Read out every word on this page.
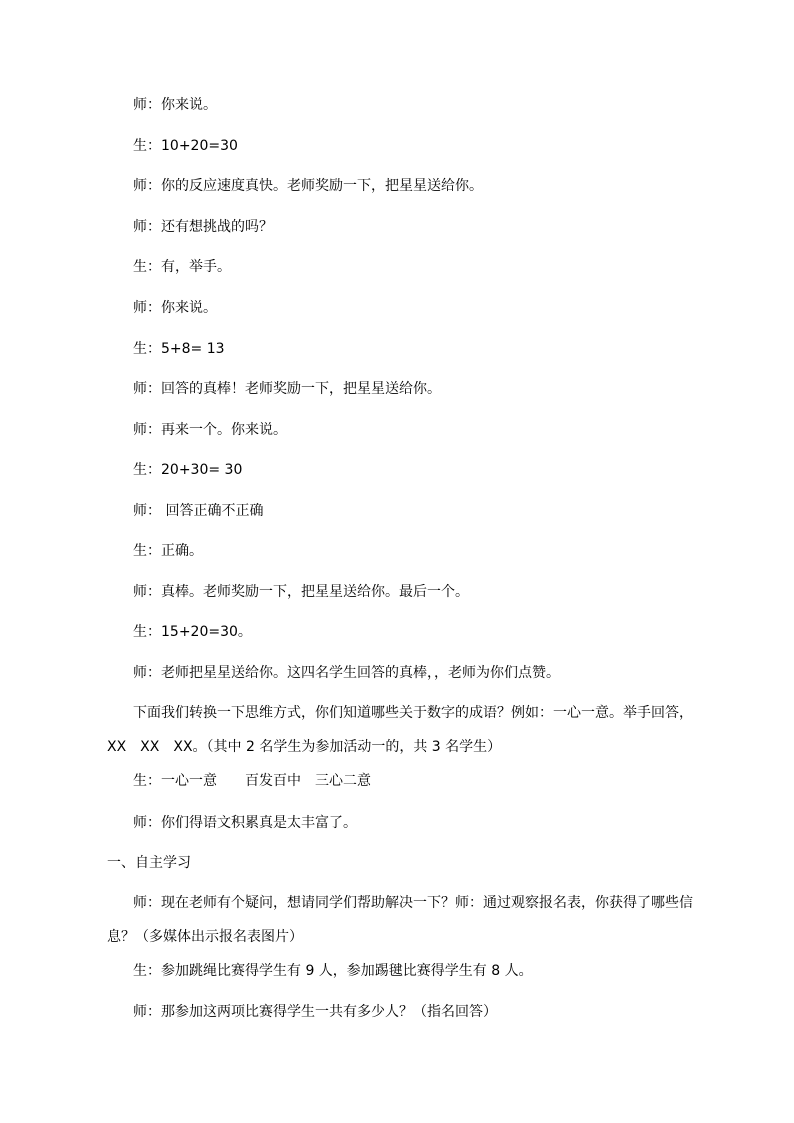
师：你来说。

生：10+20=30

师：你的反应速度真快。老师奖励一下，把星星送给你。

师：还有想挑战的吗？

生：有，举手。

师：你来说。

生：5+8= 13

师：回答的真棒！老师奖励一下，把星星送给你。

师：再来一个。你来说。

生：20+30= 30

师： 回答正确不正确

生：正确。

师：真棒。老师奖励一下，把星星送给你。最后一个。

生：15+20=30。

师：老师把星星送给你。这四名学生回答的真棒，，老师为你们点赞。

下面我们转换一下思维方式，你们知道哪些关于数字的成语？例如：一心一意。举手回答，XX　XX　XX。（其中 2 名学生为参加活动一的，共 3 名学生）

生：一心一意　　百发百中　三心二意

师：你们得语文积累真是太丰富了。

一、自主学习

师：现在老师有个疑问，想请同学们帮助解决一下？师：通过观察报名表，你获得了哪些信息？（多媒体出示报名表图片）

生：参加跳绳比赛得学生有 9 人，参加踢毽比赛得学生有 8 人。

师：那参加这两项比赛得学生一共有多少人？（指名回答）
